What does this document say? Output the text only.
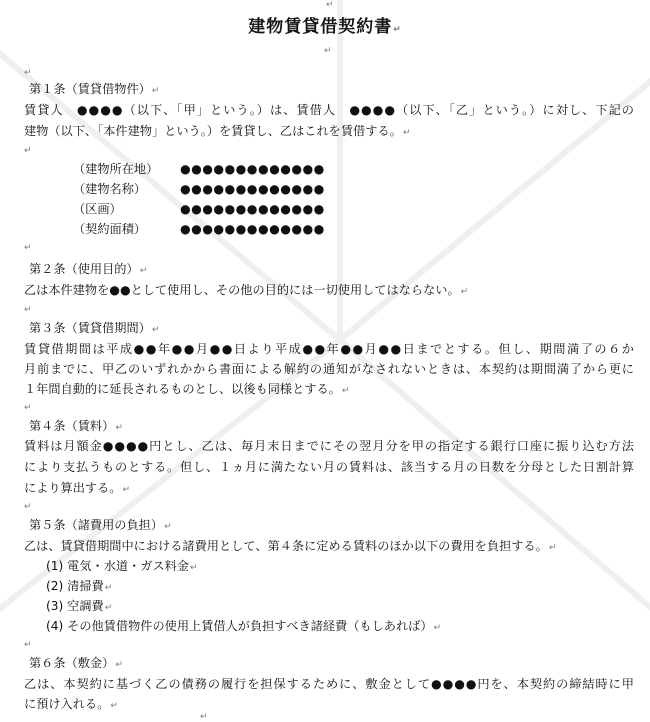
↵
建物賃貸借契約書↵
↵
↵
第１条（賃貸借物件）↵
賃貸人　●●●●（以下、「甲」という。）は、賃借人　●●●●（以下、「乙」という。）に対し、下記の
建物（以下、「本件建物」という。）を賃貸し、乙はこれを賃借する。↵
↵
（建物所在地） ●●●●●●●●●●●●●
（建物名称）	●●●●●●●●●●●●●
（区画）	●●●●●●●●●●●●●
（契約面積）	●●●●●●●●●●●●●
↵
第２条（使用目的）↵
乙は本件建物を●●として使用し、その他の目的には一切使用してはならない。↵
↵
第３条（賃貸借期間）↵
賃貸借期間は平成●●年●●月●●日より平成●●年●●月●●日までとする。但し、期間満了の６か
月前までに、甲乙のいずれかから書面による解約の通知がなされないときは、本契約は期間満了から更に
１年間自動的に延長されるものとし、以後も同様とする。↵
↵
第４条（賃料）↵
賃料は月額金●●●●円とし、乙は、毎月末日までにその翌月分を甲の指定する銀行口座に振り込む方法
により支払うものとする。但し、１ヵ月に満たない月の賃料は、該当する月の日数を分母とした日割計算
により算出する。↵
↵
第５条（諸費用の負担）↵
乙は、賃貸借期間中における諸費用として、第４条に定める賃料のほか以下の費用を負担する。↵
(1) 電気・水道・ガス料金↵
(2) 清掃費↵
(3) 空調費↵
(4) その他賃借物件の使用上賃借人が負担すべき諸経費（もしあれば）↵
↵
第６条（敷金）↵
乙は、本契約に基づく乙の債務の履行を担保するために、敷金として●●●●円を、本契約の締結時に甲
に預け入れる。↵
↵
